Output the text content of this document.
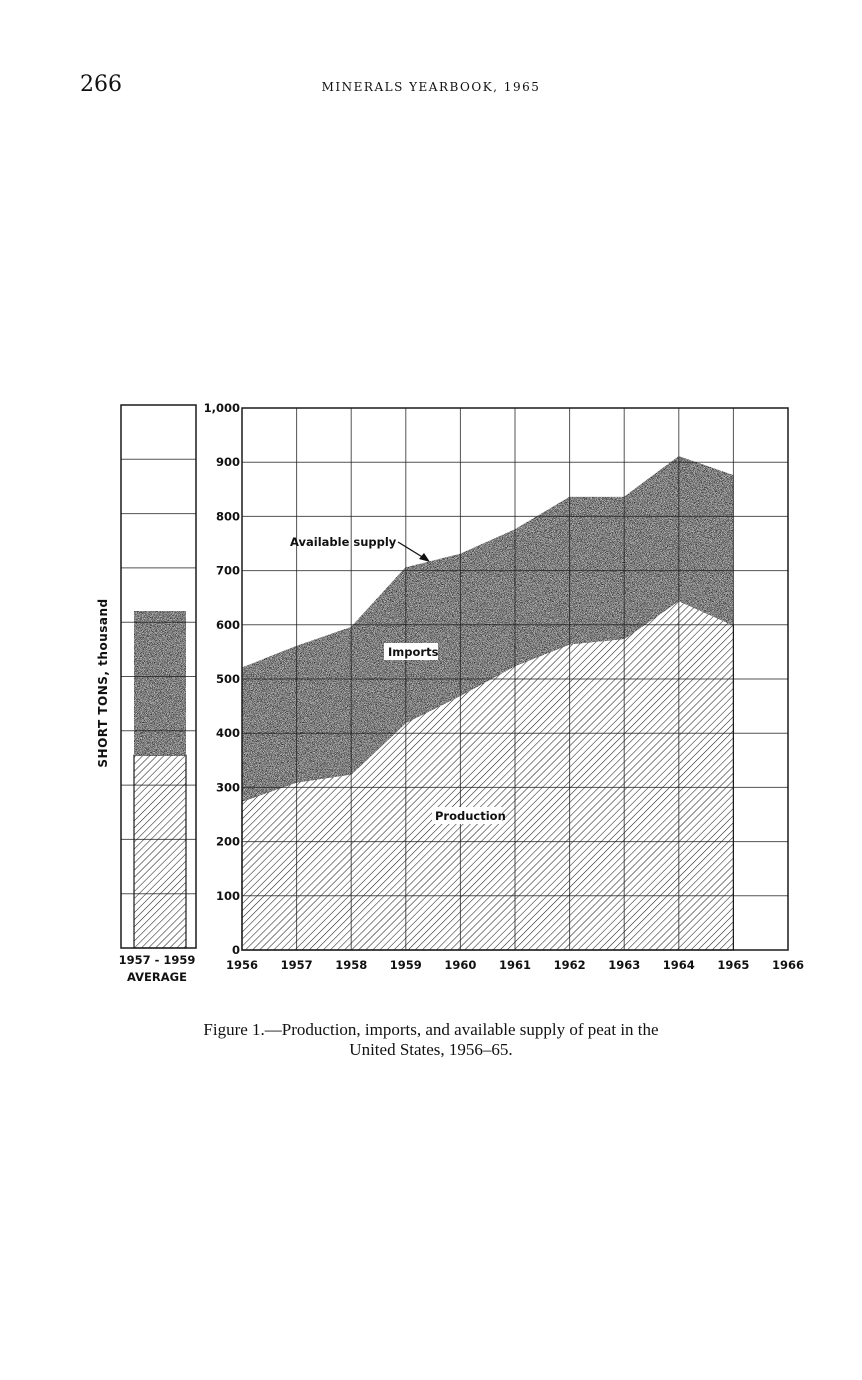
266	MINERALS YEARBOOK, 1965
0
100
200
300
400
500
600
700
800
900
1,000
1956 1957 1958 1959 1960 1961 1962 1963 1964 1965 1966
Available supply
Imports
Production
SHORT TONS, thousand
1957 - 1959
AVERAGE
Figure 1.—Production, imports, and available supply of peat in the
United States, 1956–65.
